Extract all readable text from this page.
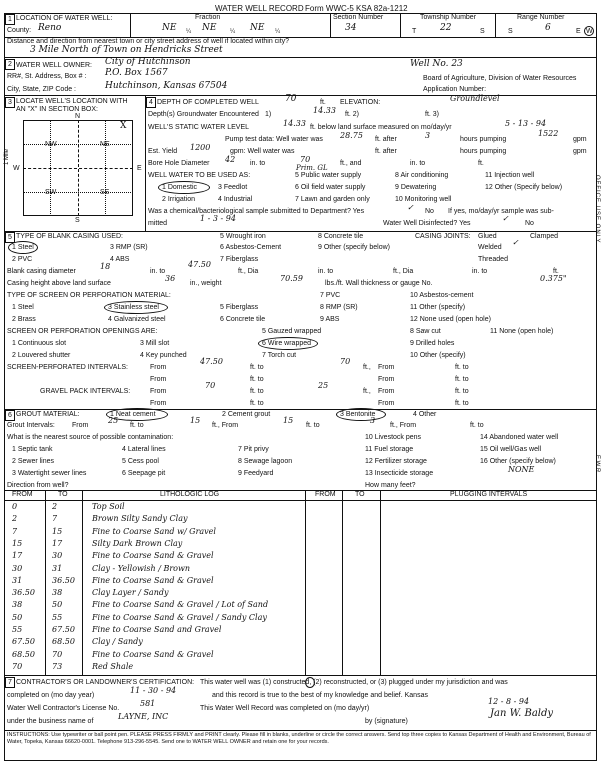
WATER WELL RECORD Form WWC-5 KSA 82a-1212
1 LOCATION OF WATER WELL:
County: Reno
Fraction
NE ¼ NE ¼ NE ¼
Section Number
34
Township Number
T	22	S
Range Number
S	6	E W
Distance and direction from nearest town or city street address of well if located within city?
3 Mile North of Town on Hendricks Street
2 WATER WELL OWNER: City of Hutchinson	Well No. 23
RR#, St. Address, Box # : P.O. Box 1567
Board of Agriculture, Division of Water Resources
City, State, ZIP Code :	Hutchinson, Kansas 67504	Application Number:
3 LOCATE WELL'S LOCATION WITH
AN "X" IN SECTION BOX:
N
S
W	E
NW	NE
SW	SE
X
1 Mile
4 DEPTH OF COMPLETED WELL	70	ft. ELEVATION:	Groundlevel
Depth(s) Groundwater Encountered 1)	14.33 ft. 2)	ft. 3)
WELL'S STATIC WATER LEVEL	14.33 ft. below land surface measured on mo/day/yr	5 - 13 - 94
Pump test data: Well water was 28.75 ft. after	3	hours pumping
1522
gpm
Est. Yield 1200	gpm: Well water was	ft. after	hours pumping	gpm
Bore Hole Diameter 42 in. to	70	ft., and	in. to	ft.
WELL WATER TO BE USED AS:
Prim. GL
1 Domestic
2 Irrigation
3 Feedlot
4 Industrial
5 Public water supply
6 Oil field water supply
7 Lawn and garden only
8 Air conditioning
9 Dewatering
10 Monitoring well
11 Injection well
12 Other (Specify below)
Was a chemical/bacteriological sample submitted to Department? Yes	✓ No If yes, mo/day/yr sample was sub-
mitted
1 - 3 - 94
Water Well Disinfected? Yes
✓
No
5 TYPE OF BLANK CASING USED:
1 Steel
2 PVC
3 RMP (SR)
4 ABS
5 Wrought iron
6 Asbestos-Cement
7 Fiberglass
8 Concrete tile
9 Other (specify below)
CASING JOINTS: Glued	Clamped
Welded
✓
Threaded
Blank casing diameter
18
in. to
47.50
ft., Dia	in. to	ft., Dia	in. to	ft.
Casing height above land surface
36
in., weight
70.59
lbs./ft. Wall thickness or gauge No.
0.375"
TYPE OF SCREEN OR PERFORATION MATERIAL:
1 Steel
2 Brass
3 Stainless steel
4 Galvanized steel
5 Fiberglass
6 Concrete tile
7 PVC
8 RMP (SR)
9 ABS
10 Asbestos-cement
11 Other (specify)
12 None used (open hole)
SCREEN OR PERFORATION OPENINGS ARE:
1 Continuous slot
2 Louvered shutter
3 Mill slot
4 Key punched
5 Gauzed wrapped
6 Wire wrapped
7 Torch cut
8 Saw cut
9 Drilled holes
10 Other (specify)
11 None (open hole)
SCREEN-PERFORATED INTERVALS:	From
47.50
ft. to
70
ft., From	ft. to
From	ft. to	From	ft. to
GRAVEL PACK INTERVALS:	From
70
ft. to
25
ft., From	ft. to
From	ft. to	From	ft. to
6 GROUT MATERIAL:	1 Neat cement	2 Cement grout	3 Bentonite	4 Other
Grout Intervals: From
25
ft. to
15
ft., From
15
ft. to
3
ft., From	ft. to
What is the nearest source of possible contamination:
1 Septic tank
2 Sewer lines
3 Watertight sewer lines
4 Lateral lines
5 Cess pool
6 Seepage pit
7 Pit privy
8 Sewage lagoon
9 Feedyard
10 Livestock pens
11 Fuel storage
12 Fertilizer storage
13 Insecticide storage
14 Abandoned water well
15 Oil well/Gas well
16 Other (specify below)
NONE
Direction from well?	How many feet?
FROM	TO	LITHOLOGIC LOG	FROM	TO	PLUGGING INTERVALS
0	2	Top Soil
2	7	Brown Silty Sandy Clay
7	15	Fine to Coarse Sand w/ Gravel
15	17	Silty Dark Brown Clay
17	30	Fine to Coarse Sand & Gravel
30	31	Clay - Yellowish / Brown
31	36.50 Fine to Coarse Sand & Gravel
36.50 38	Clay Layer / Sandy
38	50	Fine to Coarse Sand & Gravel / Lot of Sand
50	55	Fine to Coarse Sand & Gravel / Sandy Clay
55	67.50 Fine to Coarse Sand and Gravel
67.50 68.50 Clay / Sandy
68.50 70	Fine to Coarse Sand & Gravel
70	73	Red Shale
7 CONTRACTOR'S OR LANDOWNER'S CERTIFICATION: This water well was (1) constructed, (2) reconstructed, or (3) plugged under my jurisdiction and was
completed on (mo day year)
11 - 30 - 94
and this record is true to the best of my knowledge and belief. Kansas
Water Well Contractor's License No.
581
This Water Well Record was completed on (mo day/yr)
12 - 8 - 94
under the business name of
LAYNE, INC
by (signature)
Jan W. Baldy
INSTRUCTIONS: Use typewriter or ball point pen. PLEASE PRESS FIRMLY and PRINT clearly. Please fill in blanks, underline or circle the correct answers. Send top three copies to Kansas Department of Health and Environment, Bureau of Water, Topeka, Kansas 66620-0001. Telephone 913-296-5545. Send one to WATER WELL OWNER and retain one for your records.
OFFICE USE ONLY
E W R
